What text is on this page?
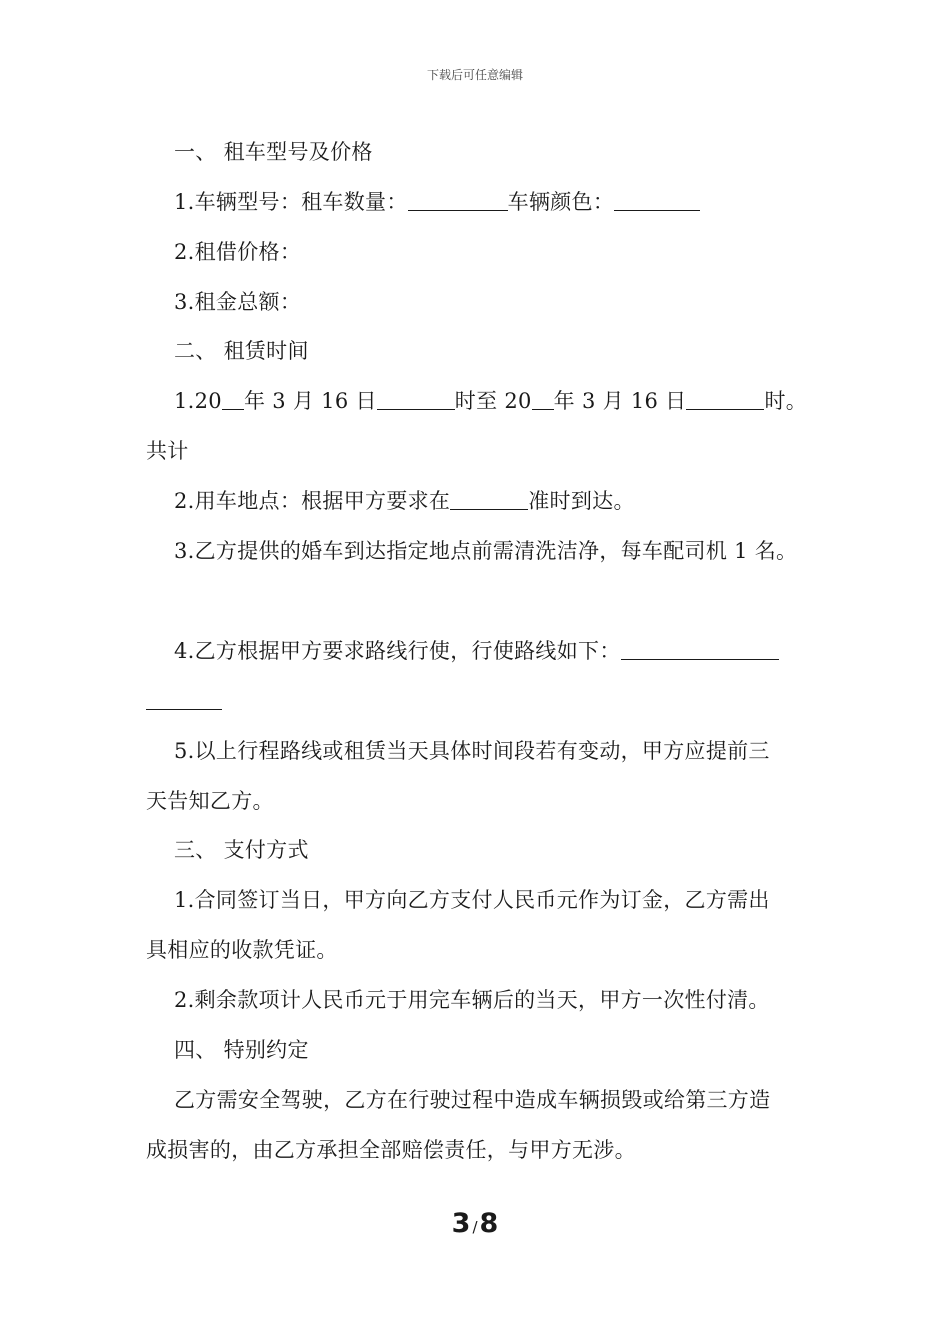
下载后可任意编辑
一、 租车型号及价格
1.车辆型号：租车数量：	车辆颜色：
2.租借价格：
3.租金总额：
二、 租赁时间
1.20 年 3 月 16 日	时至 20 年 3 月 16 日	时。
共计
2.用车地点：根据甲方要求在	准时到达。
3.乙方提供的婚车到达指定地点前需清洗洁净，每车配司机 1 名。
4.乙方根据甲方要求路线行使，行使路线如下：
5.以上行程路线或租赁当天具体时间段若有变动，甲方应提前三
天告知乙方。
三、 支付方式
1.合同签订当日，甲方向乙方支付人民币元作为订金，乙方需出
具相应的收款凭证。
2.剩余款项计人民币元于用完车辆后的当天，甲方一次性付清。
四、 特别约定
乙方需安全驾驶，乙方在行驶过程中造成车辆损毁或给第三方造
成损害的，由乙方承担全部赔偿责任，与甲方无涉。
3 /8
